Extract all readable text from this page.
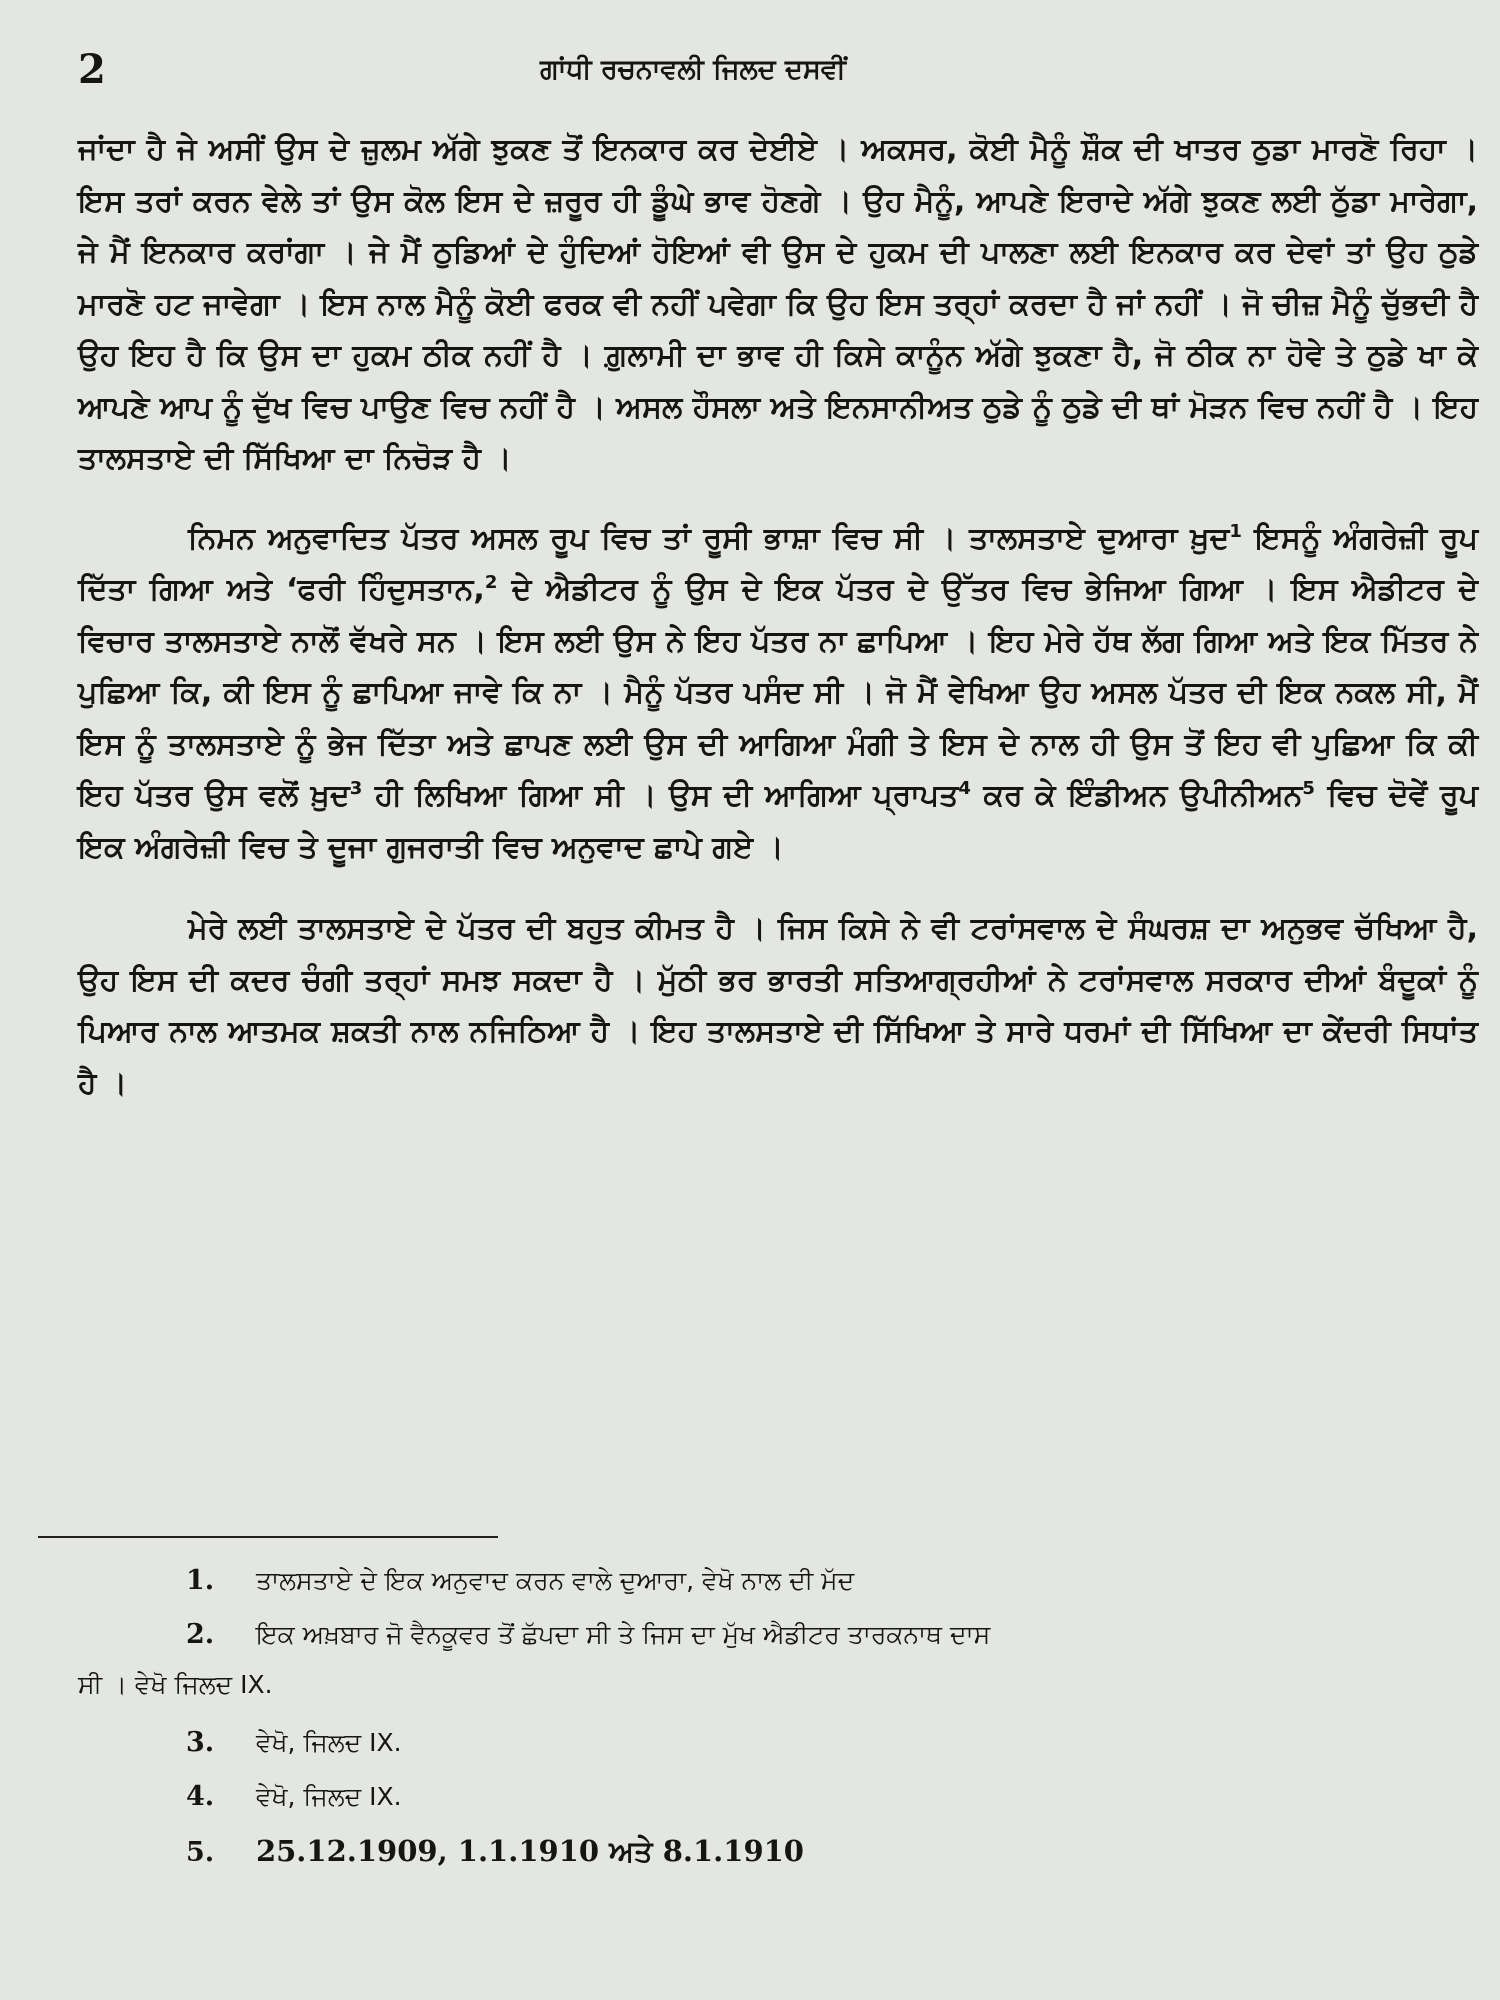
2	ਗਾਂਧੀ ਰਚਨਾਵਲੀ ਜਿਲਦ ਦਸਵੀਂ

ਜਾਂਦਾ ਹੈ ਜੇ ਅਸੀਂ ਉਸ ਦੇ ਜ਼ੁਲਮ ਅੱਗੇ ਝੁਕਣ ਤੋਂ ਇਨਕਾਰ ਕਰ ਦੇਈਏ । ਅਕਸਰ, ਕੋਈ ਮੈਨੂੰ ਸ਼ੌਕ ਦੀ ਖਾਤਰ ਠੁਡਾ ਮਾਰਣੋ ਰਿਹਾ । ਇਸ ਤਰਾਂ ਕਰਨ ਵੇਲੇ ਤਾਂ ਉਸ ਕੋਲ ਇਸ ਦੇ ਜ਼ਰੂਰ ਹੀ ਡੂੰਘੇ ਭਾਵ ਹੋਣਗੇ । ਉਹ ਮੈਨੂੰ, ਆਪਣੇ ਇਰਾਦੇ ਅੱਗੇ ਝੁਕਣ ਲਈ ਠੁੱਡਾ ਮਾਰੇਗਾ, ਜੇ ਮੈਂ ਇਨਕਾਰ ਕਰਾਂਗਾ । ਜੇ ਮੈਂ ਠੁਡਿਆਂ ਦੇ ਹੁੰਦਿਆਂ ਹੋਇਆਂ ਵੀ ਉਸ ਦੇ ਹੁਕਮ ਦੀ ਪਾਲਣਾ ਲਈ ਇਨਕਾਰ ਕਰ ਦੇਵਾਂ ਤਾਂ ਉਹ ਠੁਡੇ ਮਾਰਣੋ ਹਟ ਜਾਵੇਗਾ । ਇਸ ਨਾਲ ਮੈਨੂੰ ਕੋਈ ਫਰਕ ਵੀ ਨਹੀਂ ਪਵੇਗਾ ਕਿ ਉਹ ਇਸ ਤਰ੍ਹਾਂ ਕਰਦਾ ਹੈ ਜਾਂ ਨਹੀਂ । ਜੋ ਚੀਜ਼ ਮੈਨੂੰ ਚੁੱਭਦੀ ਹੈ ਉਹ ਇਹ ਹੈ ਕਿ ਉਸ ਦਾ ਹੁਕਮ ਠੀਕ ਨਹੀਂ ਹੈ । ਗ਼ੁਲਾਮੀ ਦਾ ਭਾਵ ਹੀ ਕਿਸੇ ਕਾਨੂੰਨ ਅੱਗੇ ਝੁਕਣਾ ਹੈ, ਜੋ ਠੀਕ ਨਾ ਹੋਵੇ ਤੇ ਠੁਡੇ ਖਾ ਕੇ ਆਪਣੇ ਆਪ ਨੂੰ ਦੁੱਖ ਵਿਚ ਪਾਉਣ ਵਿਚ ਨਹੀਂ ਹੈ । ਅਸਲ ਹੌਸਲਾ ਅਤੇ ਇਨਸਾਨੀਅਤ ਠੁਡੇ ਨੂੰ ਠੁਡੇ ਦੀ ਥਾਂ ਮੋੜਨ ਵਿਚ ਨਹੀਂ ਹੈ । ਇਹ ਤਾਲਸਤਾਏ ਦੀ ਸਿੱਖਿਆ ਦਾ ਨਿਚੋੜ ਹੈ ।

ਨਿਮਨ ਅਨੁਵਾਦਿਤ ਪੱਤਰ ਅਸਲ ਰੂਪ ਵਿਚ ਤਾਂ ਰੂਸੀ ਭਾਸ਼ਾ ਵਿਚ ਸੀ । ਤਾਲਸਤਾਏ ਦੁਆਰਾ ਖ਼ੁਦ$^1$ ਇਸਨੂੰ ਅੰਗਰੇਜ਼ੀ ਰੂਪ ਦਿੱਤਾ ਗਿਆ ਅਤੇ ‘ਫਰੀ ਹਿੰਦੁਸਤਾਨ,$^2$ ਦੇ ਐਡੀਟਰ ਨੂੰ ਉਸ ਦੇ ਇਕ ਪੱਤਰ ਦੇ ਉੱਤਰ ਵਿਚ ਭੇਜਿਆ ਗਿਆ । ਇਸ ਐਡੀਟਰ ਦੇ ਵਿਚਾਰ ਤਾਲਸਤਾਏ ਨਾਲੋਂ ਵੱਖਰੇ ਸਨ । ਇਸ ਲਈ ਉਸ ਨੇ ਇਹ ਪੱਤਰ ਨਾ ਛਾਪਿਆ । ਇਹ ਮੇਰੇ ਹੱਥ ਲੱਗ ਗਿਆ ਅਤੇ ਇਕ ਮਿੱਤਰ ਨੇ ਪੁਛਿਆ ਕਿ, ਕੀ ਇਸ ਨੂੰ ਛਾਪਿਆ ਜਾਵੇ ਕਿ ਨਾ । ਮੈਨੂੰ ਪੱਤਰ ਪਸੰਦ ਸੀ । ਜੋ ਮੈਂ ਵੇਖਿਆ ਉਹ ਅਸਲ ਪੱਤਰ ਦੀ ਇਕ ਨਕਲ ਸੀ, ਮੈਂ ਇਸ ਨੂੰ ਤਾਲਸਤਾਏ ਨੂੰ ਭੇਜ ਦਿੱਤਾ ਅਤੇ ਛਾਪਣ ਲਈ ਉਸ ਦੀ ਆਗਿਆ ਮੰਗੀ ਤੇ ਇਸ ਦੇ ਨਾਲ ਹੀ ਉਸ ਤੋਂ ਇਹ ਵੀ ਪੁਛਿਆ ਕਿ ਕੀ ਇਹ ਪੱਤਰ ਉਸ ਵਲੋਂ ਖ਼ੁਦ$^3$ ਹੀ ਲਿਖਿਆ ਗਿਆ ਸੀ । ਉਸ ਦੀ ਆਗਿਆ ਪ੍ਰਾਪਤ$^4$ ਕਰ ਕੇ ਇੰਡੀਅਨ ਉਪੀਨੀਅਨ$^5$ ਵਿਚ ਦੋਵੇਂ ਰੂਪ ਇਕ ਅੰਗਰੇਜ਼ੀ ਵਿਚ ਤੇ ਦੂਜਾ ਗੁਜਰਾਤੀ ਵਿਚ ਅਨੁਵਾਦ ਛਾਪੇ ਗਏ ।

ਮੇਰੇ ਲਈ ਤਾਲਸਤਾਏ ਦੇ ਪੱਤਰ ਦੀ ਬਹੁਤ ਕੀਮਤ ਹੈ । ਜਿਸ ਕਿਸੇ ਨੇ ਵੀ ਟਰਾਂਸਵਾਲ ਦੇ ਸੰਘਰਸ਼ ਦਾ ਅਨੁਭਵ ਚੱਖਿਆ ਹੈ, ਉਹ ਇਸ ਦੀ ਕਦਰ ਚੰਗੀ ਤਰ੍ਹਾਂ ਸਮਝ ਸਕਦਾ ਹੈ । ਮੁੱਠੀ ਭਰ ਭਾਰਤੀ ਸਤਿਆਗ੍ਰਹੀਆਂ ਨੇ ਟਰਾਂਸਵਾਲ ਸਰਕਾਰ ਦੀਆਂ ਬੰਦੂਕਾਂ ਨੂੰ ਪਿਆਰ ਨਾਲ ਆਤਮਕ ਸ਼ਕਤੀ ਨਾਲ ਨਜਿਠਿਆ ਹੈ । ਇਹ ਤਾਲਸਤਾਏ ਦੀ ਸਿੱਖਿਆ ਤੇ ਸਾਰੇ ਧਰਮਾਂ ਦੀ ਸਿੱਖਿਆ ਦਾ ਕੇਂਦਰੀ ਸਿਧਾਂਤ ਹੈ ।

1. ਤਾਲਸਤਾਏ ਦੇ ਇਕ ਅਨੁਵਾਦ ਕਰਨ ਵਾਲੇ ਦੁਆਰਾ, ਵੇਖੋ ਨਾਲ ਦੀ ਮੱਦ

2. ਇਕ ਅਖ਼ਬਾਰ ਜੋ ਵੈਨਕੂਵਰ ਤੋਂ ਛੱਪਦਾ ਸੀ ਤੇ ਜਿਸ ਦਾ ਮੁੱਖ ਐਡੀਟਰ ਤਾਰਕਨਾਥ ਦਾਸ

ਸੀ । ਵੇਖੋ ਜਿਲਦ IX.

3. ਵੇਖੋ, ਜਿਲਦ IX.

4. ਵੇਖੋ, ਜਿਲਦ IX.

5. 25.12.1909, 1.1.1910 ਅਤੇ 8.1.1910
